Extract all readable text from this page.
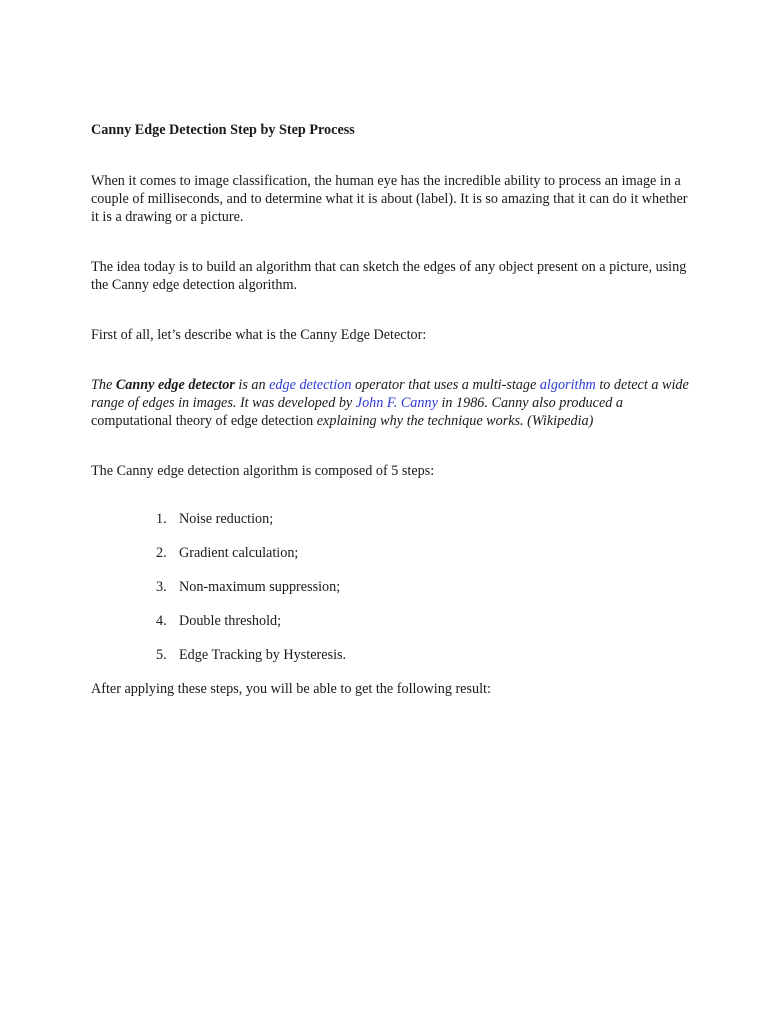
Canny Edge Detection Step by Step Process

When it comes to image classification, the human eye has the incredible ability to process an image in a couple of milliseconds, and to determine what it is about (label). It is so amazing that it can do it whether it is a drawing or a picture.

The idea today is to build an algorithm that can sketch the edges of any object present on a picture, using the Canny edge detection algorithm.

First of all, let’s describe what is the Canny Edge Detector:

The Canny edge detector is an edge detection operator that uses a multi-stage algorithm to detect a wide range of edges in images. It was developed by John F. Canny in 1986. Canny also produced a computational theory of edge detection explaining why the technique works. (Wikipedia)

The Canny edge detection algorithm is composed of 5 steps:

1. Noise reduction;
2. Gradient calculation;
3. Non-maximum suppression;
4. Double threshold;
5. Edge Tracking by Hysteresis.

After applying these steps, you will be able to get the following result:
